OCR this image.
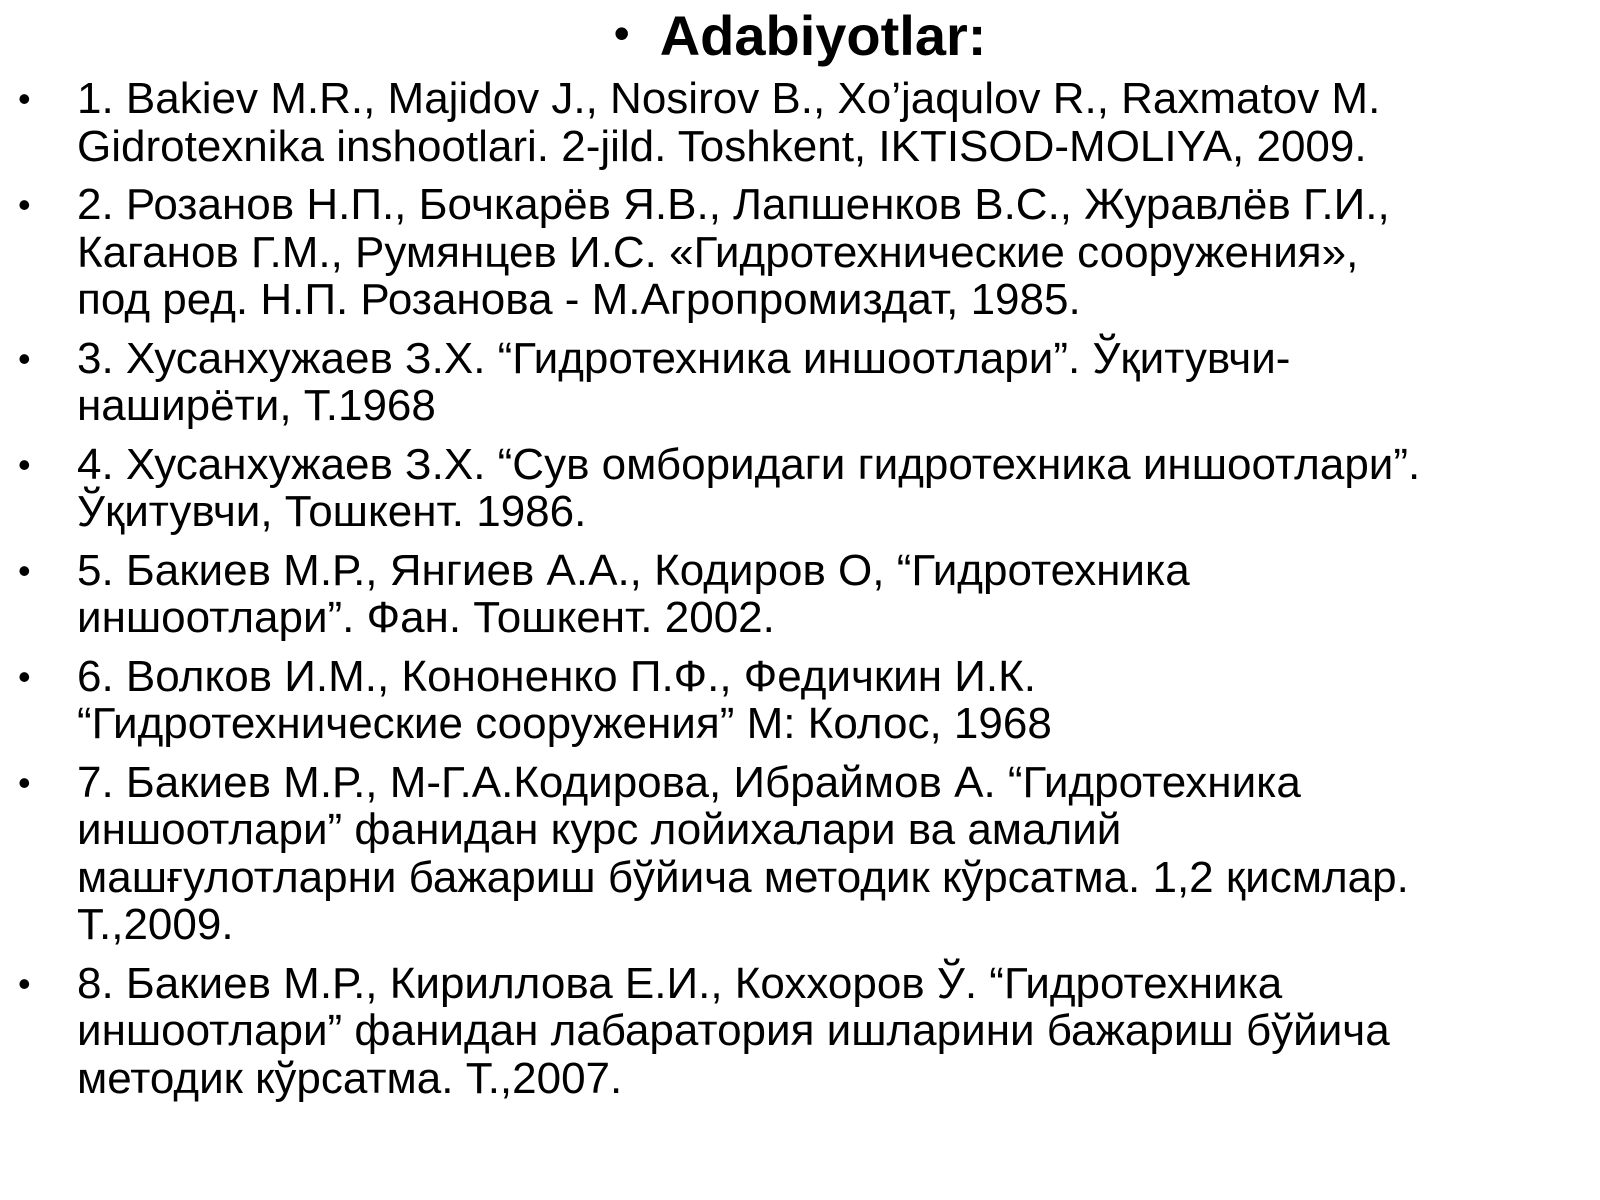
• Adabiyotlar:
• 1. Bakiev M.R., Majidov J., Nosirov B., Xo’jaqulov R., Raxmatov M.
Gidrotexnika inshootlari. 2-jild. Toshkent, IKTISOD-MOLIYA, 2009.
• 2. Розанов Н.П., Бочкарёв Я.В., Лапшенков В.С., Журавлёв Г.И.,
Каганов Г.М., Румянцев И.С. «Гидротехнические сооружения»,
под ред. Н.П. Розанова - М.Агропромиздат, 1985.
• 3. Хусанхужаев З.Х. “Гидротехника иншоотлари”. Ўқитувчи-
наширёти, Т.1968
• 4. Хусанхужаев З.Х. “Сув омборидаги гидротехника иншоотлари”.
Ўқитувчи, Тошкент. 1986.
• 5. Бакиев М.Р., Янгиев А.А., Кодиров О, “Гидротехника
иншоотлари”. Фан. Тошкент. 2002.
• 6. Волков И.М., Кононенко П.Ф., Федичкин И.К.
“Гидротехнические сооружения” М: Колос, 1968
• 7. Бакиев М.Р., М-Г.А.Кодирова, Ибраймов А. “Гидротехника
иншоотлари” фанидан курс лойихалари ва амалий
машғулотларни бажариш бўйича методик кўрсатма. 1,2 қисмлар.
Т.,2009.
• 8. Бакиев М.Р., Кириллова Е.И., Коххоров Ў. “Гидротехника
иншоотлари” фанидан лабаратория ишларини бажариш бўйича
методик кўрсатма. Т.,2007.
